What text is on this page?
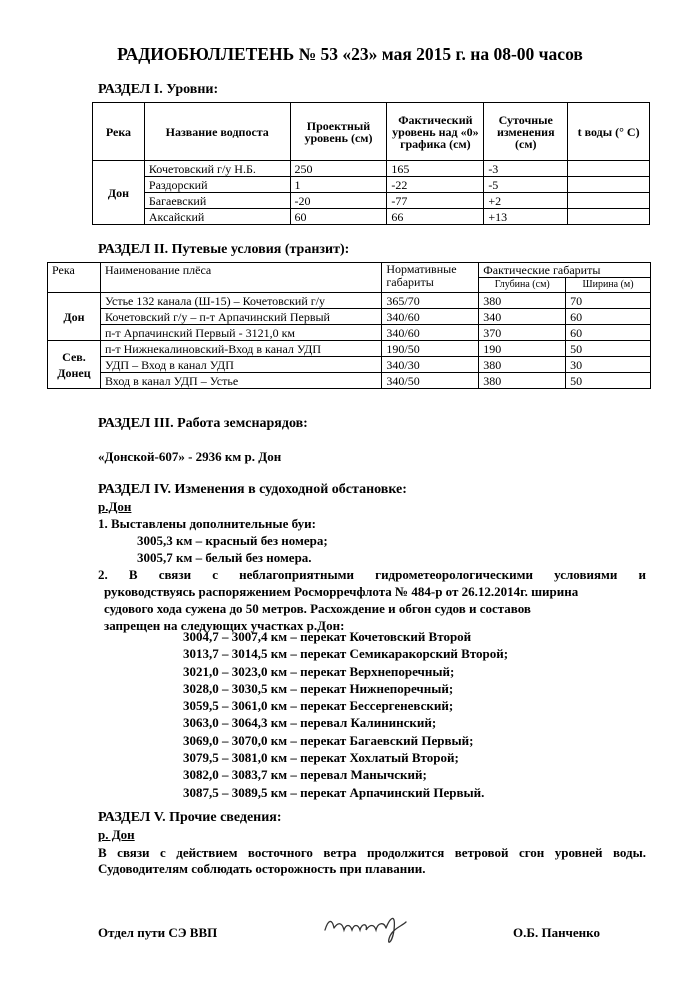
РАДИОБЮЛЛЕТЕНЬ № 53 «23» мая 2015 г. на 08-00 часов
РАЗДЕЛ I. Уровни:
Река	Название водпоста	Проектный уровень (см)	Фактический уровень над «0» графика (см)	Суточные изменения (см)	t воды (° С)
Дон	Кочетовский г/у Н.Б.	250	165	-3	
	Раздорский	1	-22	-5	
	Багаевский	-20	-77	+2	
	Аксайский	60	66	+13	
РАЗДЕЛ II. Путевые условия (транзит):
Река	Наименование плёса	Нормативные габариты	Фактические габариты	
			Глубина (см)	Ширина (м)
Дон	Устье 132 канала (Ш-15) – Кочетовский г/у	365/70	380	70
	Кочетовский г/у – п-т Арпачинский Первый	340/60	340	60
	п-т Арпачинский Первый - 3121,0 км	340/60	370	60
Сев. Донец	п-т Нижнекалиновский-Вход в канал УДП	190/50	190	50
	УДП – Вход в канал УДП	340/30	380	30
	Вход в канал УДП – Устье	340/50	380	50
РАЗДЕЛ III. Работа земснарядов:
«Донской-607» - 2936 км р. Дон
РАЗДЕЛ IV. Изменения в судоходной обстановке:
р.Дон
1. Выставлены дополнительные буи:
3005,3 км – красный без номера;
3005,7 км – белый без номера.
2. В связи с неблагоприятными гидрометеорологическими условиями и
руководствуясь распоряжением Росморречфлота № 484-р от 26.12.2014г. ширина
судового хода сужена до 50 метров. Расхождение и обгон судов и составов
запрещен на следующих участках р.Дон:
3004,7 – 3007,4 км – перекат Кочетовский Второй
3013,7 – 3014,5 км – перекат Семикаракорский Второй;
3021,0 – 3023,0 км – перекат Верхнепоречный;
3028,0 – 3030,5 км – перекат Нижнепоречный;
3059,5 – 3061,0 км – перекат Бессергеневский;
3063,0 – 3064,3 км – перевал Калининский;
3069,0 – 3070,0 км – перекат Багаевский Первый;
3079,5 – 3081,0 км – перекат Хохлатый Второй;
3082,0 – 3083,7 км – перевал Манычский;
3087,5 – 3089,5 км – перекат Арпачинский Первый.
РАЗДЕЛ V. Прочие сведения:
р. Дон
В связи с действием восточного ветра продолжится ветровой сгон уровней воды.
Судоводителям соблюдать осторожность при плавании.
Отдел пути СЭ ВВП	О.Б. Панченко
